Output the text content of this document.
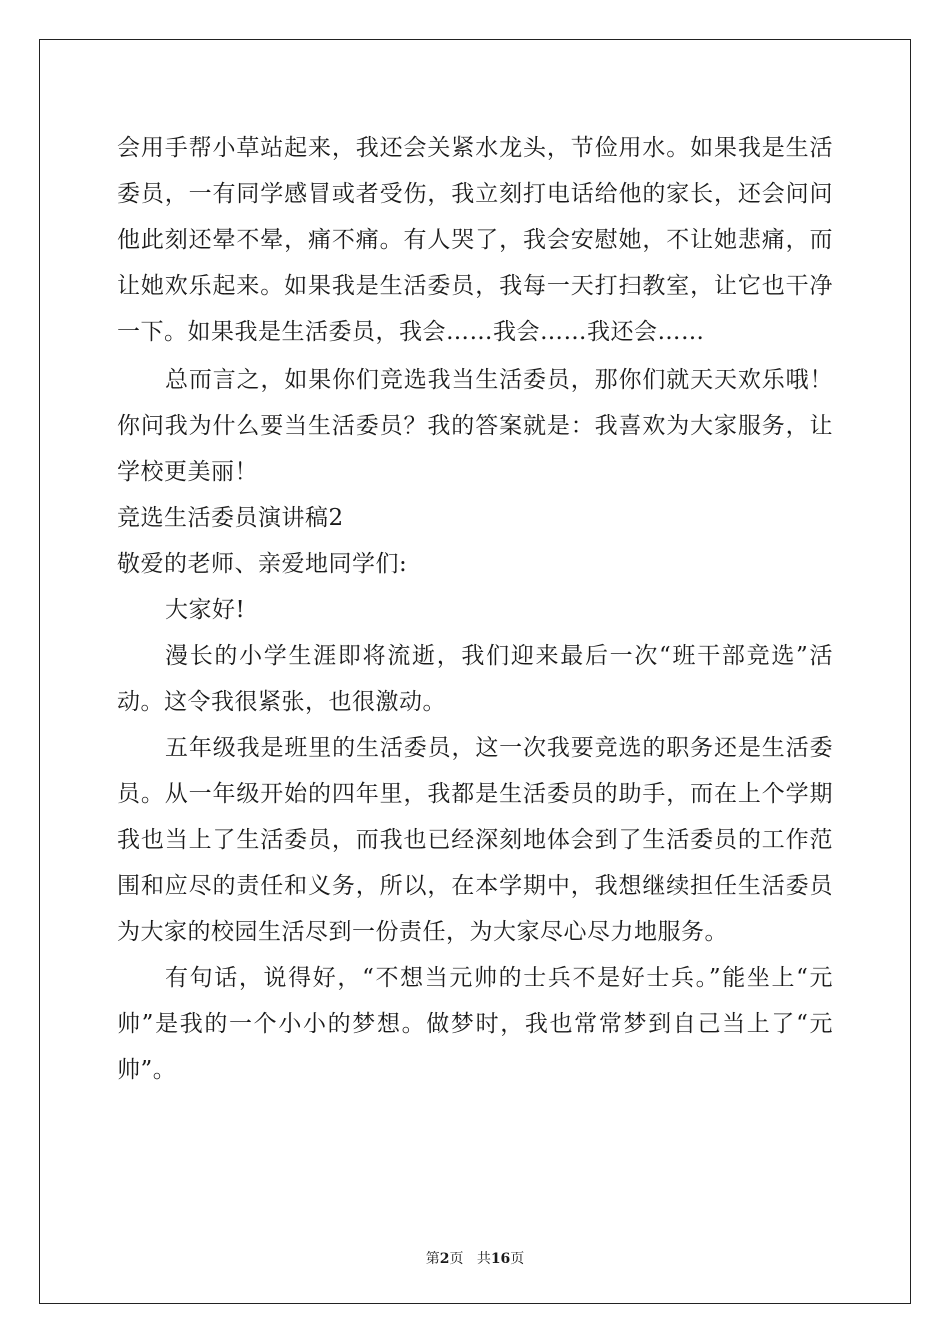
会用手帮小草站起来，我还会关紧水龙头，节俭用水。如果我是生活委员，一有同学感冒或者受伤，我立刻打电话给他的家长，还会问问他此刻还晕不晕，痛不痛。有人哭了，我会安慰她，不让她悲痛，而让她欢乐起来。如果我是生活委员，我每一天打扫教室，让它也干净一下。如果我是生活委员，我会……我会……我还会……

总而言之，如果你们竞选我当生活委员，那你们就天天欢乐哦！你问我为什么要当生活委员？我的答案就是：我喜欢为大家服务，让学校更美丽！

竞选生活委员演讲稿2

敬爱的老师、亲爱地同学们:

大家好!

漫长的小学生涯即将流逝，我们迎来最后一次“班干部竞选”活动。这令我很紧张，也很激动。

五年级我是班里的生活委员，这一次我要竞选的职务还是生活委员。从一年级开始的四年里，我都是生活委员的助手，而在上个学期我也当上了生活委员，而我也已经深刻地体会到了生活委员的工作范围和应尽的责任和义务，所以，在本学期中，我想继续担任生活委员为大家的校园生活尽到一份责任，为大家尽心尽力地服务。

有句话，说得好，“不想当元帅的士兵不是好士兵。”能坐上“元帅”是我的一个小小的梦想。做梦时，我也常常梦到自己当上了“元帅”。

第2页 共16页
